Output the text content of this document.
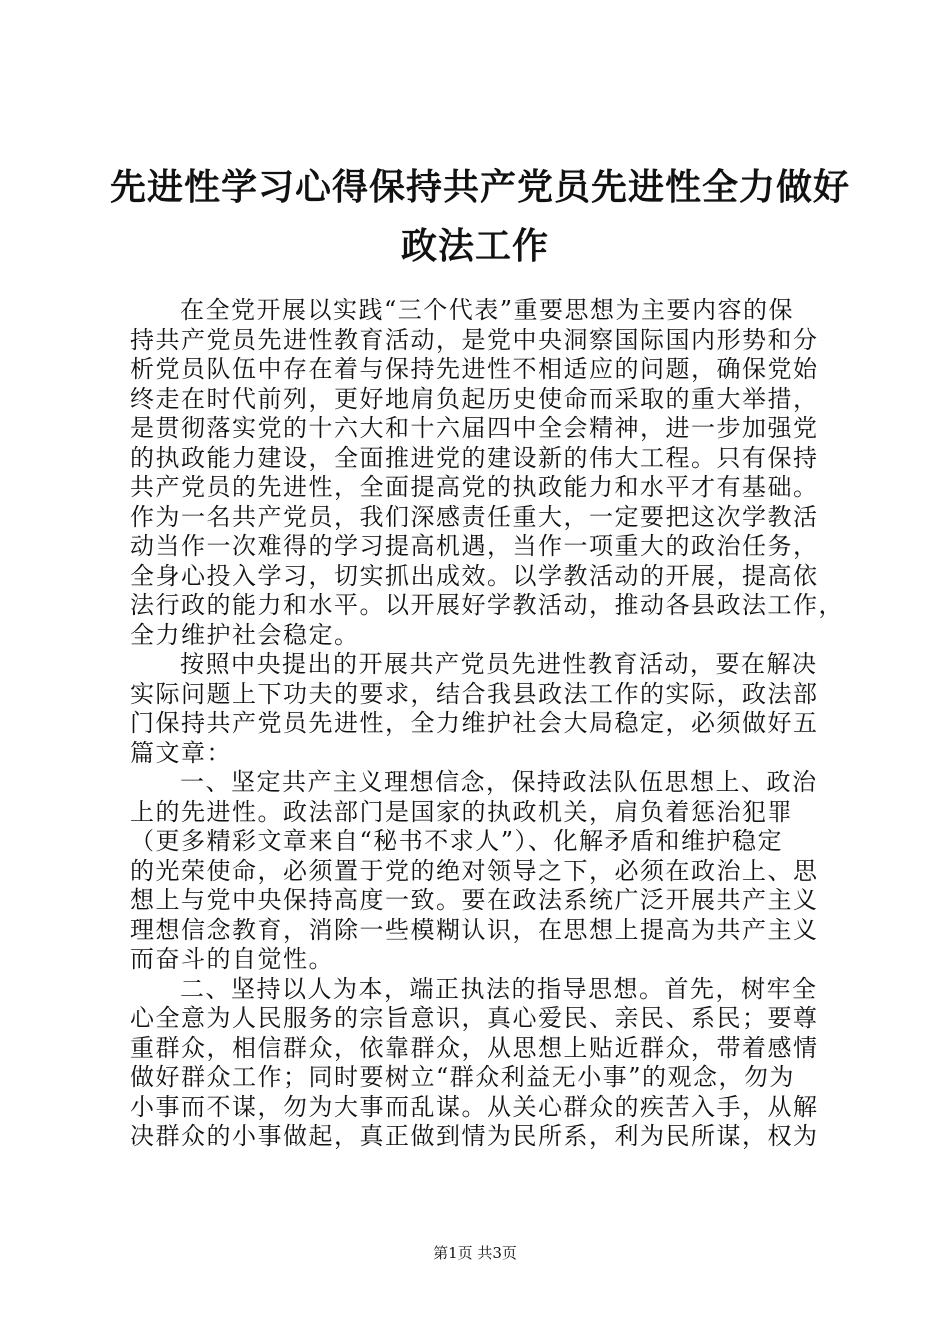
先进性学习心得保持共产党员先进性全力做好
政法工作
在全党开展以实践“三个代表”重要思想为主要内容的保
持共产党员先进性教育活动，是党中央洞察国际国内形势和分
析党员队伍中存在着与保持先进性不相适应的问题，确保党始
终走在时代前列，更好地肩负起历史使命而采取的重大举措，
是贯彻落实党的十六大和十六届四中全会精神，进一步加强党
的执政能力建设，全面推进党的建设新的伟大工程。只有保持
共产党员的先进性，全面提高党的执政能力和水平才有基础。
作为一名共产党员，我们深感责任重大，一定要把这次学教活
动当作一次难得的学习提高机遇，当作一项重大的政治任务，
全身心投入学习，切实抓出成效。以学教活动的开展，提高依
法行政的能力和水平。以开展好学教活动，推动各县政法工作，
全力维护社会稳定。
按照中央提出的开展共产党员先进性教育活动，要在解决
实际问题上下功夫的要求，结合我县政法工作的实际，政法部
门保持共产党员先进性，全力维护社会大局稳定，必须做好五
篇文章：
一、坚定共产主义理想信念，保持政法队伍思想上、政治
上的先进性。政法部门是国家的执政机关，肩负着惩治犯罪
（更多精彩文章来自“秘书不求人”）、化解矛盾和维护稳定
的光荣使命，必须置于党的绝对领导之下，必须在政治上、思
想上与党中央保持高度一致。要在政法系统广泛开展共产主义
理想信念教育，消除一些模糊认识，在思想上提高为共产主义
而奋斗的自觉性。
二、坚持以人为本，端正执法的指导思想。首先，树牢全
心全意为人民服务的宗旨意识，真心爱民、亲民、系民；要尊
重群众，相信群众，依靠群众，从思想上贴近群众，带着感情
做好群众工作；同时要树立“群众利益无小事”的观念，勿为
小事而不谋，勿为大事而乱谋。从关心群众的疾苦入手，从解
决群众的小事做起，真正做到情为民所系，利为民所谋，权为
第1页 共3页
